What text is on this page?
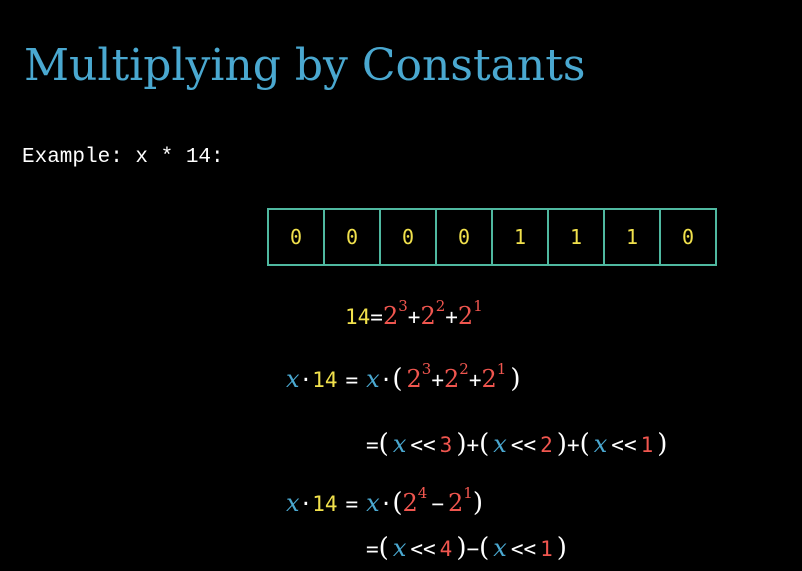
Multiplying by Constants
Example: x * 14:
0	0	0	0	1	1	1	0
$14 = 2^3 + 2^2 + 2^1$
x · 14 = x · ( $2^3 + 2^2 + 2^1$ )
= ( x << 3 ) + ( x << 2 ) + ( x << 1 )
x · 14 = x · ( $2^4 - 2^1$ )
= ( x << 4 ) − ( x << 1 )
